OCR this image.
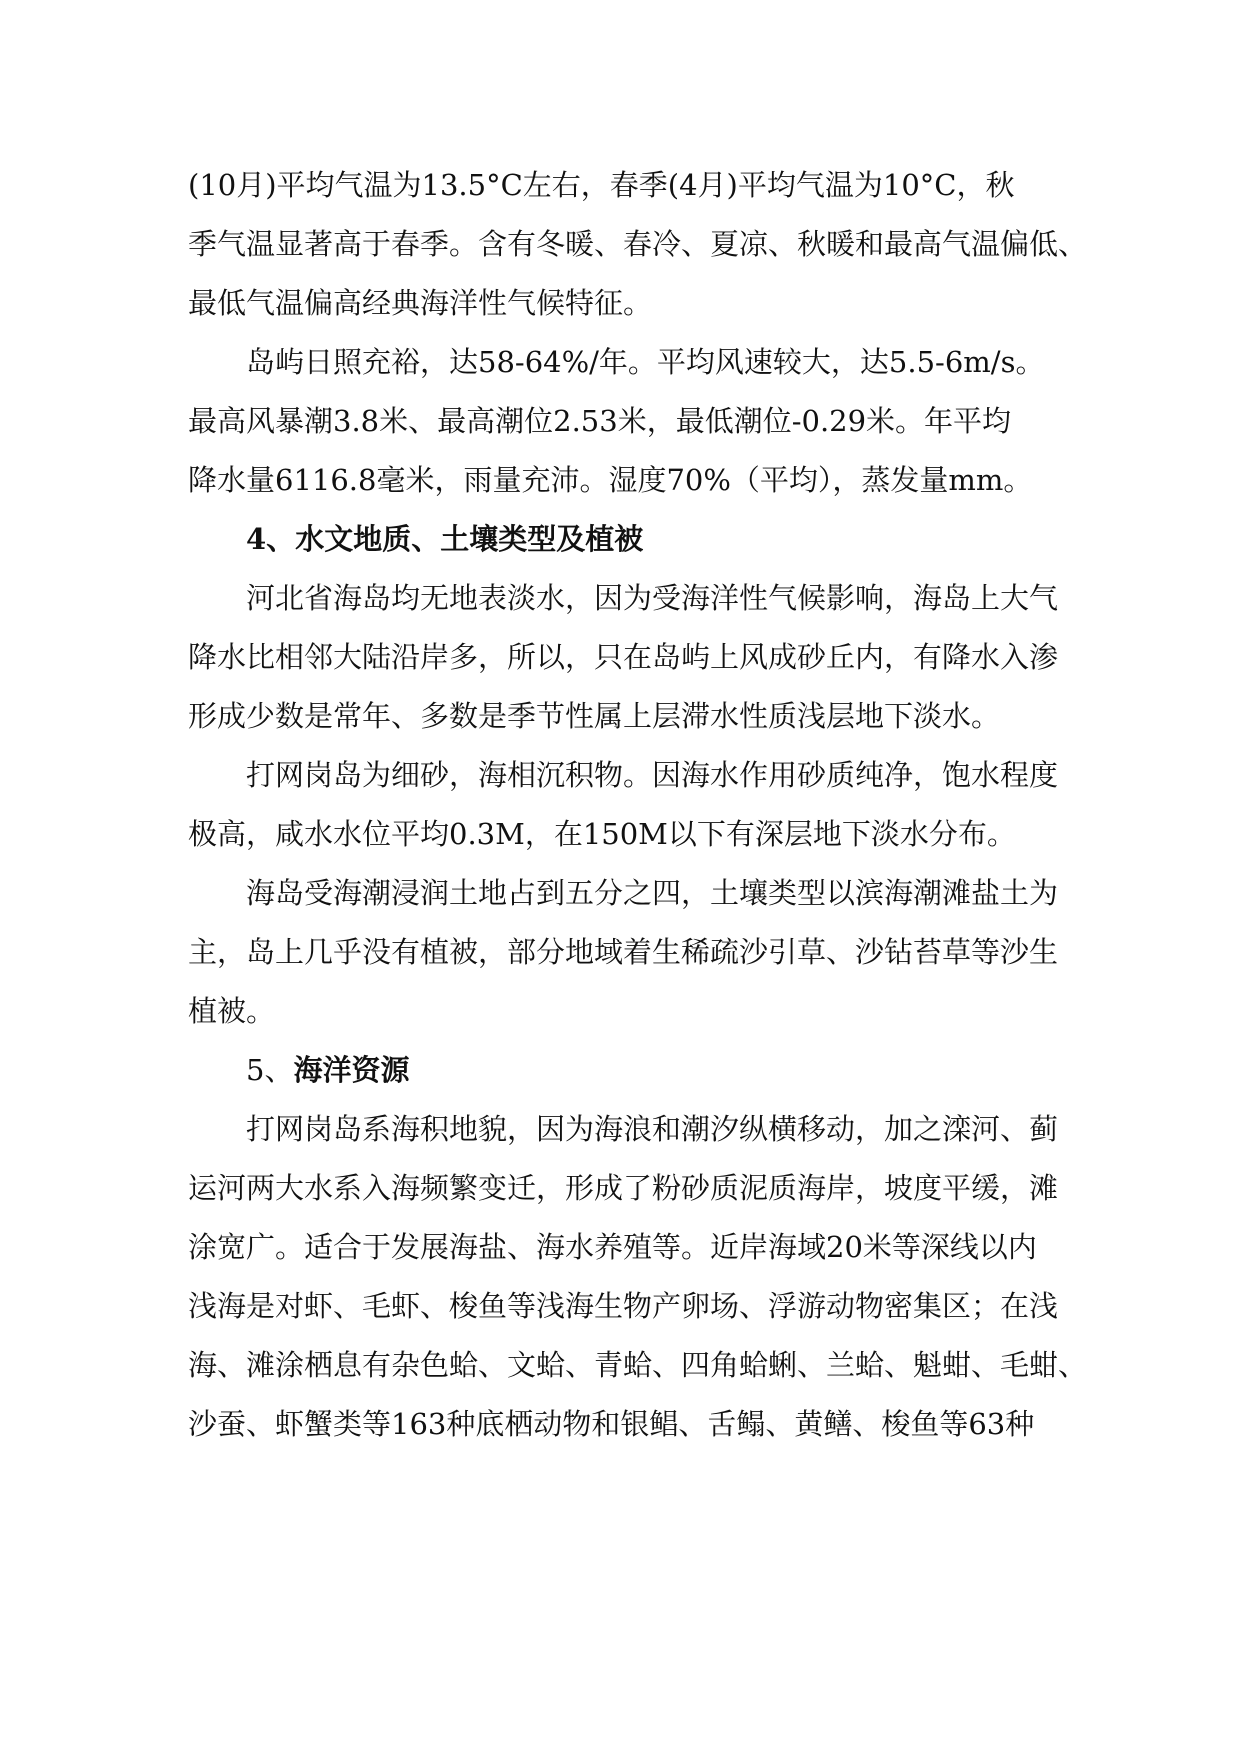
(10月)平均气温为13.5°C左右，春季(4月)平均气温为10°C，秋
季气温显著高于春季。含有冬暖、春冷、夏凉、秋暖和最高气温偏低、
最低气温偏高经典海洋性气候特征。
岛屿日照充裕，达58-64%/年。平均风速较大，达5.5-6m/s。
最高风暴潮3.8米、最高潮位2.53米，最低潮位-0.29米。年平均
降水量6116.8毫米，雨量充沛。湿度70%（平均），蒸发量mm。
4、水文地质、土壤类型及植被
河北省海岛均无地表淡水，因为受海洋性气候影响，海岛上大气
降水比相邻大陆沿岸多，所以，只在岛屿上风成砂丘内，有降水入渗
形成少数是常年、多数是季节性属上层滞水性质浅层地下淡水。
打网岗岛为细砂，海相沉积物。因海水作用砂质纯净，饱水程度
极高，咸水水位平均0.3M，在150M以下有深层地下淡水分布。
海岛受海潮浸润土地占到五分之四，土壤类型以滨海潮滩盐土为
主，岛上几乎没有植被，部分地域着生稀疏沙引草、沙钻苔草等沙生
植被。
5、海洋资源
打网岗岛系海积地貌，因为海浪和潮汐纵横移动，加之滦河、蓟
运河两大水系入海频繁变迁，形成了粉砂质泥质海岸，坡度平缓，滩
涂宽广。适合于发展海盐、海水养殖等。近岸海域20米等深线以内
浅海是对虾、毛虾、梭鱼等浅海生物产卵场、浮游动物密集区；在浅
海、滩涂栖息有杂色蛤、文蛤、青蛤、四角蛤蜊、兰蛤、魁蚶、毛蚶、
沙蚕、虾蟹类等163种底栖动物和银鲳、舌鳎、黄鳝、梭鱼等63种
